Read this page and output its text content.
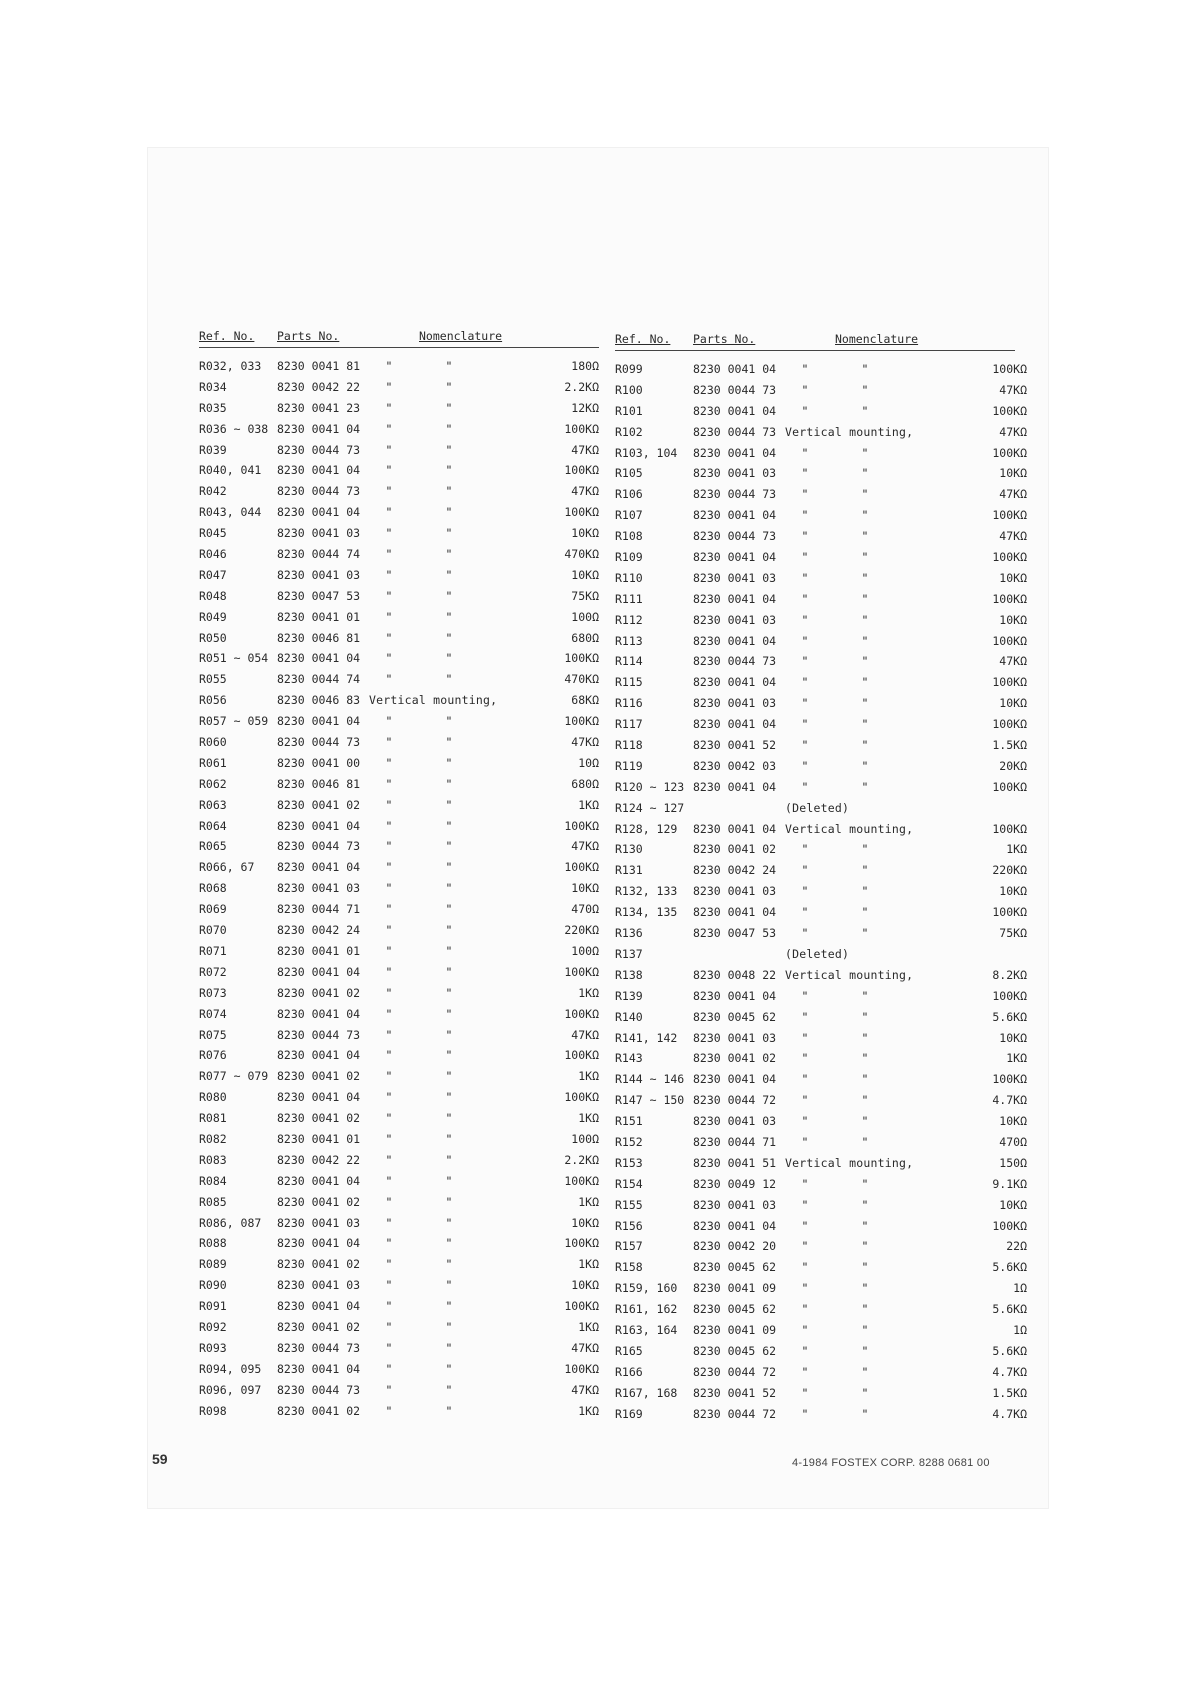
Ref. No. Parts No.	Nomenclature
R032, 033	8230 0041 81	"	"	180Ω
R034	8230 0042 22	"	"	2.2KΩ
R035	8230 0041 23	"	"	12KΩ
R036 ~ 038 8230 0041 04	"	"	100KΩ
R039	8230 0044 73	"	"	47KΩ
R040, 041	8230 0041 04	"	"	100KΩ
R042	8230 0044 73	"	"	47KΩ
R043, 044	8230 0041 04	"	"	100KΩ
R045	8230 0041 03	"	"	10KΩ
R046	8230 0044 74	"	"	470KΩ
R047	8230 0041 03	"	"	10KΩ
R048	8230 0047 53	"	"	75KΩ
R049	8230 0041 01	"	"	100Ω
R050	8230 0046 81	"	"	680Ω
R051 ~ 054 8230 0041 04	"	"	100KΩ
R055	8230 0044 74	"	"	470KΩ
R056	8230 0046 83 Vertical mounting,	68KΩ
R057 ~ 059 8230 0041 04	"	"	100KΩ
R060	8230 0044 73	"	"	47KΩ
R061	8230 0041 00	"	"	10Ω
R062	8230 0046 81	"	"	680Ω
R063	8230 0041 02	"	"	1KΩ
R064	8230 0041 04	"	"	100KΩ
R065	8230 0044 73	"	"	47KΩ
R066, 67	8230 0041 04	"	"	100KΩ
R068	8230 0041 03	"	"	10KΩ
R069	8230 0044 71	"	"	470Ω
R070	8230 0042 24	"	"	220KΩ
R071	8230 0041 01	"	"	100Ω
R072	8230 0041 04	"	"	100KΩ
R073	8230 0041 02	"	"	1KΩ
R074	8230 0041 04	"	"	100KΩ
R075	8230 0044 73	"	"	47KΩ
R076	8230 0041 04	"	"	100KΩ
R077 ~ 079 8230 0041 02	"	"	1KΩ
R080	8230 0041 04	"	"	100KΩ
R081	8230 0041 02	"	"	1KΩ
R082	8230 0041 01	"	"	100Ω
R083	8230 0042 22	"	"	2.2KΩ
R084	8230 0041 04	"	"	100KΩ
R085	8230 0041 02	"	"	1KΩ
R086, 087	8230 0041 03	"	"	10KΩ
R088	8230 0041 04	"	"	100KΩ
R089	8230 0041 02	"	"	1KΩ
R090	8230 0041 03	"	"	10KΩ
R091	8230 0041 04	"	"	100KΩ
R092	8230 0041 02	"	"	1KΩ
R093	8230 0044 73	"	"	47KΩ
R094, 095	8230 0041 04	"	"	100KΩ
R096, 097	8230 0044 73	"	"	47KΩ
R098	8230 0041 02	"	"	1KΩ
Ref. No. Parts No.	Nomenclature
R099	8230 0041 04	"	"	100KΩ
R100	8230 0044 73	"	"	47KΩ
R101	8230 0041 04	"	"	100KΩ
R102	8230 0044 73 Vertical mounting,	47KΩ
R103, 104	8230 0041 04	"	"	100KΩ
R105	8230 0041 03	"	"	10KΩ
R106	8230 0044 73	"	"	47KΩ
R107	8230 0041 04	"	"	100KΩ
R108	8230 0044 73	"	"	47KΩ
R109	8230 0041 04	"	"	100KΩ
R110	8230 0041 03	"	"	10KΩ
R111	8230 0041 04	"	"	100KΩ
R112	8230 0041 03	"	"	10KΩ
R113	8230 0041 04	"	"	100KΩ
R114	8230 0044 73	"	"	47KΩ
R115	8230 0041 04	"	"	100KΩ
R116	8230 0041 03	"	"	10KΩ
R117	8230 0041 04	"	"	100KΩ
R118	8230 0041 52	"	"	1.5KΩ
R119	8230 0042 03	"	"	20KΩ
R120 ~ 123 8230 0041 04	"	"	100KΩ
R124 ~ 127	(Deleted)
R128, 129	8230 0041 04 Vertical mounting,	100KΩ
R130	8230 0041 02	"	"	1KΩ
R131	8230 0042 24	"	"	220KΩ
R132, 133	8230 0041 03	"	"	10KΩ
R134, 135	8230 0041 04	"	"	100KΩ
R136	8230 0047 53	"	"	75KΩ
R137	(Deleted)
R138	8230 0048 22 Vertical mounting,	8.2KΩ
R139	8230 0041 04	"	"	100KΩ
R140	8230 0045 62	"	"	5.6KΩ
R141, 142	8230 0041 03	"	"	10KΩ
R143	8230 0041 02	"	"	1KΩ
R144 ~ 146 8230 0041 04	"	"	100KΩ
R147 ~ 150 8230 0044 72	"	"	4.7KΩ
R151	8230 0041 03	"	"	10KΩ
R152	8230 0044 71	"	"	470Ω
R153	8230 0041 51 Vertical mounting,	150Ω
R154	8230 0049 12	"	"	9.1KΩ
R155	8230 0041 03	"	"	10KΩ
R156	8230 0041 04	"	"	100KΩ
R157	8230 0042 20	"	"	22Ω
R158	8230 0045 62	"	"	5.6KΩ
R159, 160	8230 0041 09	"	"	1Ω
R161, 162	8230 0045 62	"	"	5.6KΩ
R163, 164	8230 0041 09	"	"	1Ω
R165	8230 0045 62	"	"	5.6KΩ
R166	8230 0044 72	"	"	4.7KΩ
R167, 168	8230 0041 52	"	"	1.5KΩ
R169	8230 0044 72	"	"	4.7KΩ
59	4-1984 FOSTEX CORP. 8288 0681 00
